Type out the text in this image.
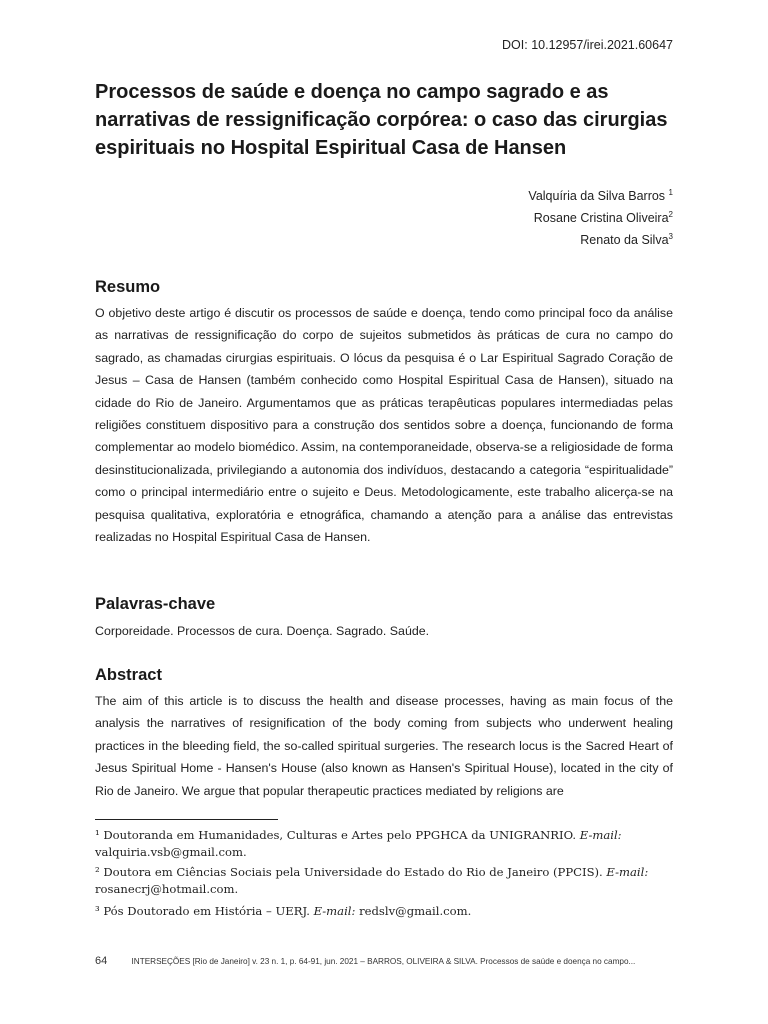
DOI: 10.12957/irei.2021.60647
Processos de saúde e doença no campo sagrado e as narrativas de ressignificação corpórea: o caso das cirurgias espirituais no Hospital Espiritual Casa de Hansen
Valquíria da Silva Barros $^1$
Rosane Cristina Oliveira$^2$
Renato da Silva$^3$
Resumo
O objetivo deste artigo é discutir os processos de saúde e doença, tendo como principal foco da análise as narrativas de ressignificação do corpo de sujeitos submetidos às práticas de cura no campo do sagrado, as chamadas cirurgias espirituais. O lócus da pesquisa é o Lar Espiritual Sagrado Coração de Jesus – Casa de Hansen (também conhecido como Hospital Espiritual Casa de Hansen), situado na cidade do Rio de Janeiro. Argumentamos que as práticas terapêuticas populares intermediadas pelas religiões constituem dispositivo para a construção dos sentidos sobre a doença, funcionando de forma complementar ao modelo biomédico. Assim, na contemporaneidade, observa-se a religiosidade de forma desinstitucionalizada, privilegiando a autonomia dos indivíduos, destacando a categoria “espiritualidade” como o principal intermediário entre o sujeito e Deus. Metodologicamente, este trabalho alicerça-se na pesquisa qualitativa, exploratória e etnográfica, chamando a atenção para a análise das entrevistas realizadas no Hospital Espiritual Casa de Hansen.
Palavras-chave
Corporeidade. Processos de cura. Doença. Sagrado. Saúde.
Abstract
The aim of this article is to discuss the health and disease processes, having as main focus of the analysis the narratives of resignification of the body coming from subjects who underwent healing practices in the bleeding field, the so-called spiritual surgeries. The research locus is the Sacred Heart of Jesus Spiritual Home - Hansen's House (also known as Hansen's Spiritual House), located in the city of Rio de Janeiro. We argue that popular therapeutic practices mediated by religions are
¹ Doutoranda em Humanidades, Culturas e Artes pelo PPGHCA da UNIGRANRIO. E-mail: valquiria.vsb@gmail.com.
² Doutora em Ciências Sociais pela Universidade do Estado do Rio de Janeiro (PPCIS). E-mail: rosanecrj@hotmail.com.
³ Pós Doutorado em História – UERJ. E-mail: redslv@gmail.com.
64	INTERSEÇÕES [Rio de Janeiro] v. 23 n. 1, p. 64-91, jun. 2021 – BARROS, OLIVEIRA & SILVA. Processos de saúde e doença no campo...
